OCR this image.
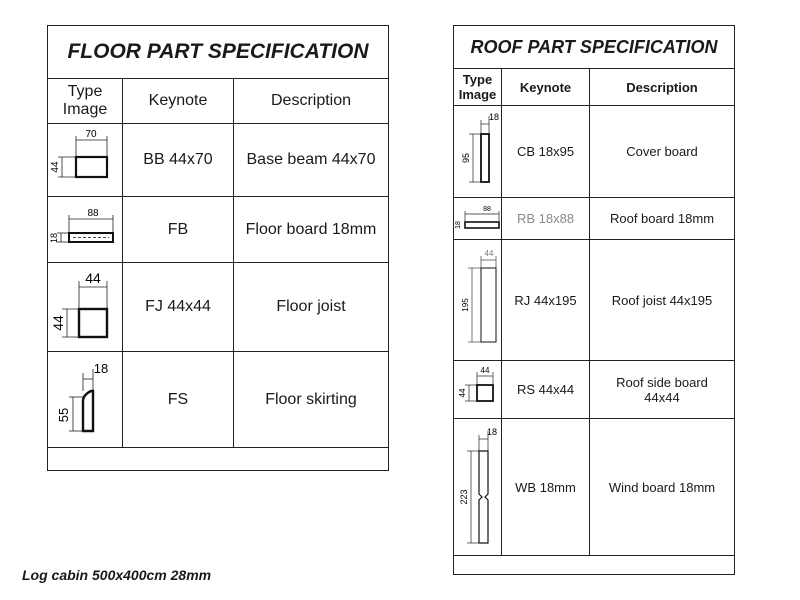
FLOOR PART SPECIFICATION		
Type
Image	Keynote	Description

70
44	BB 44x70	Base beam 44x70

88
18	FB	Floor board 18mm

44
44	FJ 44x44	Floor joist

18
55	FS	Floor skirting

ROOF PART SPECIFICATION		
Type
Image	Keynote	Description

18
95	CB 18x95	Cover board

88
18	RB 18x88	Roof board 18mm

44
195	RJ 44x195	Roof joist 44x195

44
44	RS 44x44	Roof side board
44x44

18
223	WB 18mm	Wind board 18mm

Log cabin 500x400cm 28mm
